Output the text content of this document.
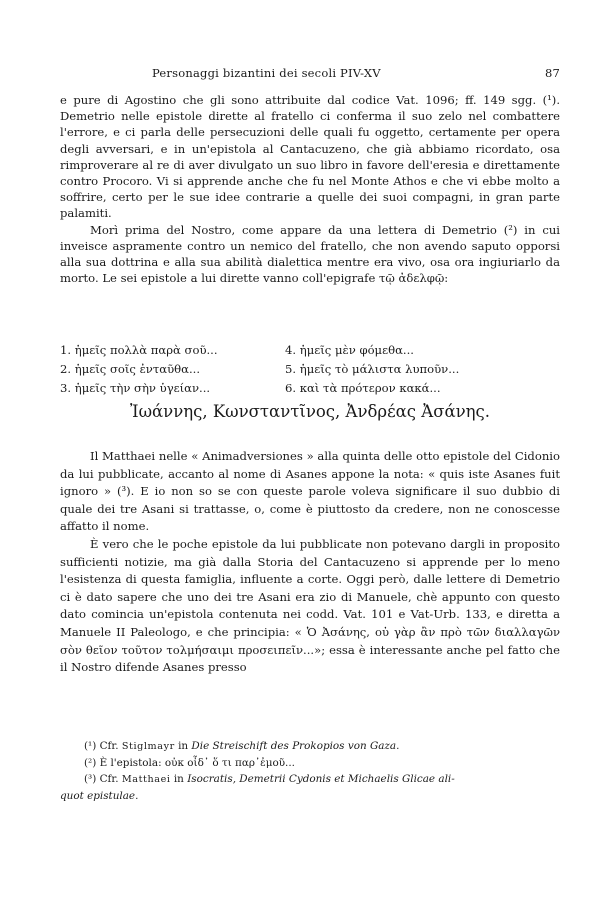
Personaggi bizantini dei secoli PIV-XV	87

e pure di Agostino che gli sono attribuite dal codice Vat. 1096; ff. 149 sgg. (¹). Demetrio nelle epistole dirette al fratello ci conferma il suo zelo nel combattere l'errore, e ci parla delle persecuzioni delle quali fu oggetto, certamente per opera degli avversari, e in un'epistola al Cantacuzeno, che già abbiamo ricordato, osa rimproverare al re di aver divulgato un suo libro in favore dell'eresia e direttamente contro Procoro. Vi si apprende anche che fu nel Monte Athos e che vi ebbe molto a soffrire, certo per le sue idee contrarie a quelle dei suoi compagni, in gran parte palamiti.

Morì prima del Nostro, come appare da una lettera di Demetrio (²) in cui inveisce aspramente contro un nemico del fratello, che non avendo saputo opporsi alla sua dottrina e alla sua abilità dialettica mentre era vivo, osa ora ingiuriarlo da morto. Le sei epistole a lui dirette vanno coll'epigrafe τῷ ἀδελφῷ:

1. ἡμεῖς πολλὰ παρὰ σοῦ...
2. ἡμεῖς σοῖς ἐνταῦθα...
3. ἡμεῖς τὴν σὴν ὑγείαν...
4. ἡμεῖς μὲν φόμεθα...
5. ἡμεῖς τὸ μάλιστα λυποῦν...
6. καὶ τὰ πρότερον κακά...
Ἰωάννης, Κωνσταντῖνος, Ἀνδρέας Ἀσάνης.

Il Matthaei nelle « Animadversiones » alla quinta delle otto epistole del Cidonio da lui pubblicate, accanto al nome di Asanes appone la nota: « quis iste Asanes fuit ignoro » (³). E io non so se con queste parole voleva significare il suo dubbio di quale dei tre Asani si trattasse, o, come è piuttosto da credere, non ne conoscesse affatto il nome.

È vero che le poche epistole da lui pubblicate non potevano dargli in proposito sufficienti notizie, ma già dalla Storia del Cantacuzeno si apprende per lo meno l'esistenza di questa famiglia, influente a corte. Oggi però, dalle lettere di Demetrio ci è dato sapere che uno dei tre Asani era zio di Manuele, chè appunto con questo dato comincia un'epistola contenuta nei codd. Vat. 101 e Vat-Urb. 133, e diretta a Manuele II Paleologo, e che principia: « Ὁ Ἀσάνης, οὐ γὰρ ἂν πρὸ τῶν διαλλαγῶν σὸν θεῖον τοῦτον τολμήσαιμι προσειπεῖν...»; essa è interessante anche pel fatto che il Nostro difende Asanes presso

(¹) Cfr. Stiglmayr in Die Streischift des Prokopios von Gaza.

(²) È l'epistola: οὐκ οἶδ᾽ ὅ τι παρ᾽ἐμοῦ...

(³) Cfr. Matthaei in Isocratis, Demetrii Cydonis et Michaelis Glicae ali-

quot epistulae.
